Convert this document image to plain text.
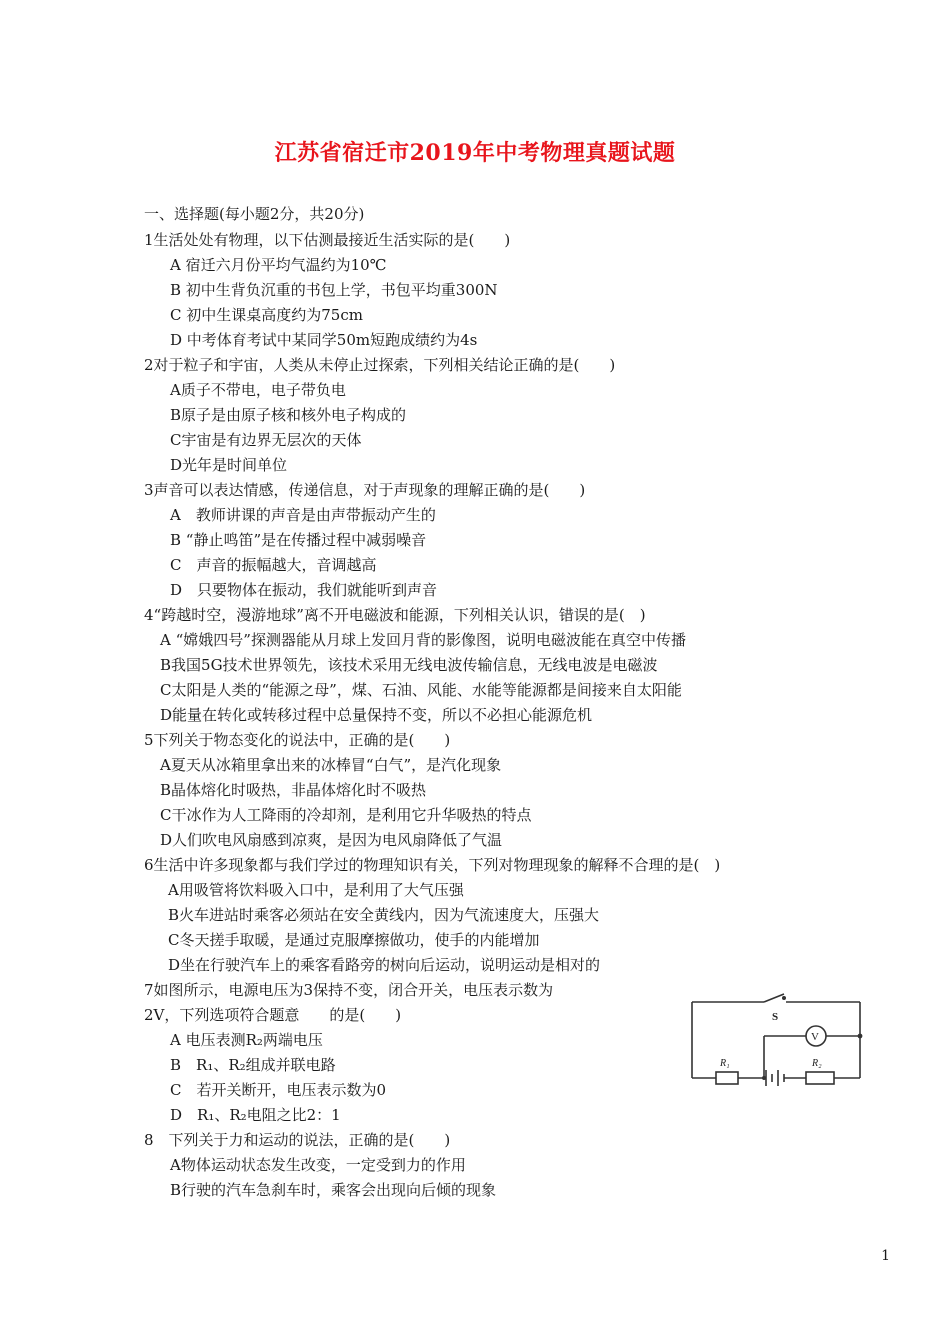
江苏省宿迁市2019年中考物理真题试题
一、选择题(每小题2分，共20分)
1生活处处有物理，以下估测最接近生活实际的是(　　)
A 宿迁六月份平均气温约为10℃
B 初中生背负沉重的书包上学，书包平均重300N
C 初中生课桌高度约为75cm
D 中考体育考试中某同学50m短跑成绩约为4s
2对于粒子和宇宙，人类从未停止过探索，下列相关结论正确的是(　　)
A质子不带电，电子带负电
B原子是由原子核和核外电子构成的
C宇宙是有边界无层次的天体
D光年是时间单位
3声音可以表达情感，传递信息，对于声现象的理解正确的是(　　)
A　教师讲课的声音是由声带振动产生的
B “静止鸣笛”是在传播过程中减弱噪音
C　声音的振幅越大，音调越高
D　只要物体在振动，我们就能听到声音
4“跨越时空，漫游地球”离不开电磁波和能源，下列相关认识，错误的是(　)
A “嫦娥四号”探测器能从月球上发回月背的影像图，说明电磁波能在真空中传播
B我国5G技术世界领先，该技术采用无线电波传输信息，无线电波是电磁波
C太阳是人类的“能源之母”，煤、石油、风能、水能等能源都是间接来自太阳能
D能量在转化或转移过程中总量保持不变，所以不必担心能源危机
5下列关于物态变化的说法中，正确的是(　　)
A夏天从冰箱里拿出来的冰棒冒“白气”，是汽化现象
B晶体熔化时吸热，非晶体熔化时不吸热
C干冰作为人工降雨的冷却剂，是利用它升华吸热的特点
D人们吹电风扇感到凉爽，是因为电风扇降低了气温
6生活中许多现象都与我们学过的物理知识有关，下列对物理现象的解释不合理的是(　)
A用吸管将饮料吸入口中，是利用了大气压强
B火车进站时乘客必须站在安全黄线内，因为气流速度大，压强大
C冬天搓手取暖，是通过克服摩擦做功，使手的内能增加
D坐在行驶汽车上的乘客看路旁的树向后运动，说明运动是相对的
7如图所示，电源电压为3保持不变，闭合开关，电压表示数为
2V，下列选项符合题意　　的是(　　)
A 电压表测R₂两端电压
B　R₁、R₂组成并联电路
C　若开关断开，电压表示数为0
D　R₁、R₂电阻之比2：1
8　下列关于力和运动的说法，正确的是(　　)
A物体运动状态发生改变，一定受到力的作用
B行驶的汽车急刹车时，乘客会出现向后倾的现象
S
V
R₁	R₂
1
